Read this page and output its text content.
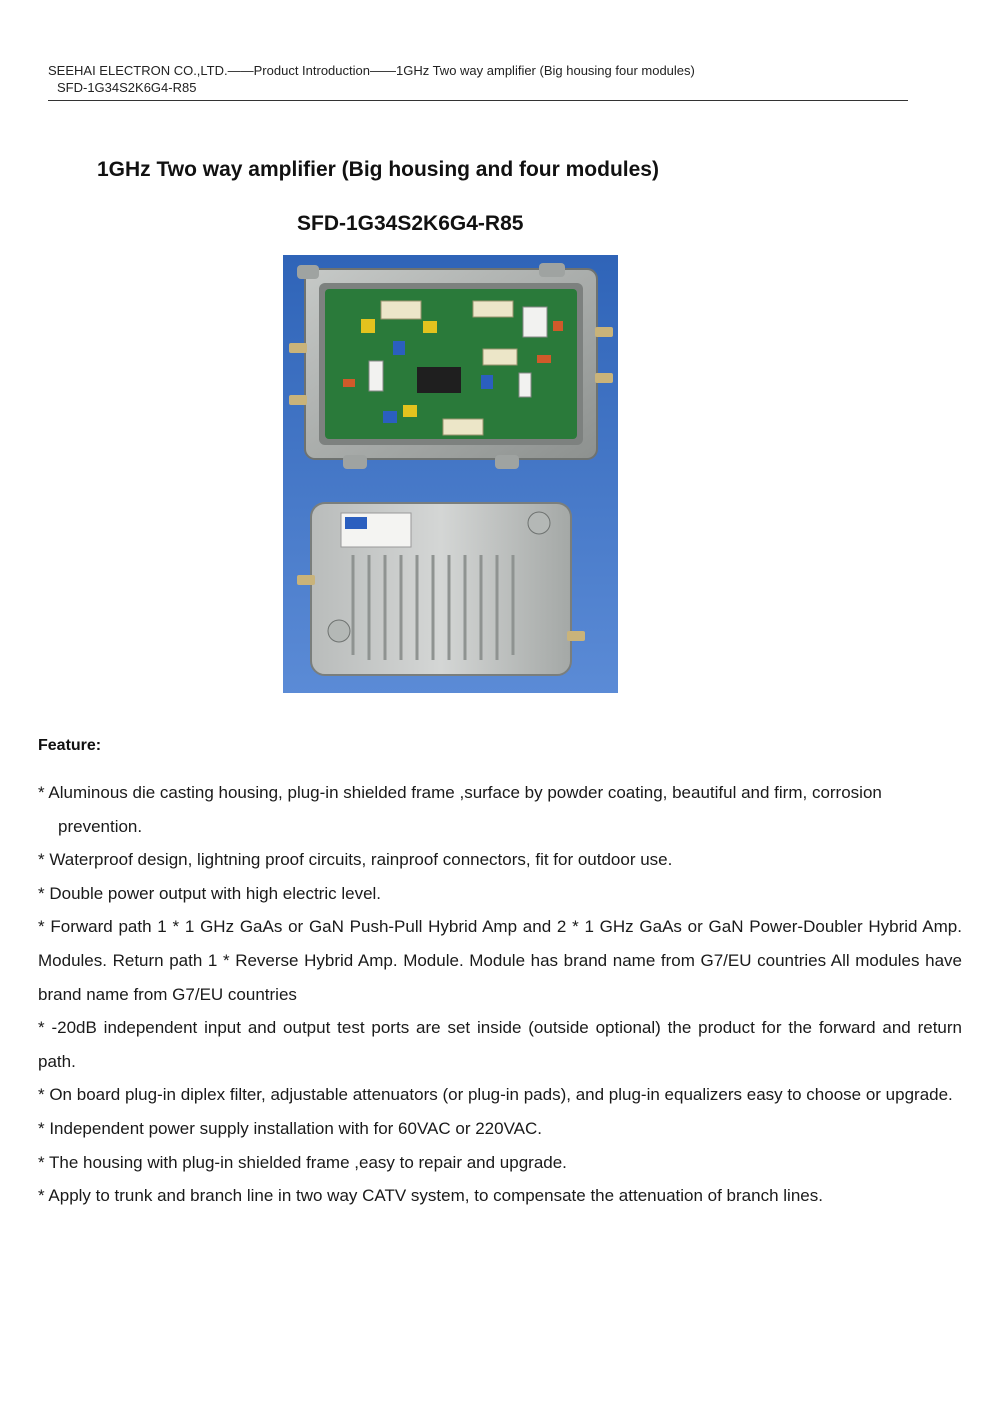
SEEHAI ELECTRON CO.,LTD.——Product Introduction——1GHz Two way amplifier (Big housing four modules)
SFD-1G34S2K6G4-R85
1GHz Two way amplifier (Big housing and four modules)
SFD-1G34S2K6G4-R85
Feature:

* Aluminous die casting housing, plug-in shielded frame ,surface by powder coating, beautiful and firm, corrosion prevention.

* Waterproof design, lightning proof circuits, rainproof connectors, fit for outdoor use.

* Double power output with high electric level.

* Forward path 1 * 1 GHz GaAs or GaN Push-Pull Hybrid Amp and 2 * 1 GHz GaAs or GaN Power-Doubler Hybrid Amp. Modules. Return path 1 * Reverse Hybrid Amp. Module. Module has brand name from G7/EU countries All modules have brand name from G7/EU countries

* -20dB independent input and output test ports are set inside (outside optional) the product for the forward and return path.

* On board plug-in diplex filter, adjustable attenuators (or plug-in pads), and plug-in equalizers easy to choose or upgrade.

* Independent power supply installation with for 60VAC or 220VAC.

* The housing with plug-in shielded frame ,easy to repair and upgrade.

* Apply to trunk and branch line in two way CATV system, to compensate the attenuation of branch lines.
